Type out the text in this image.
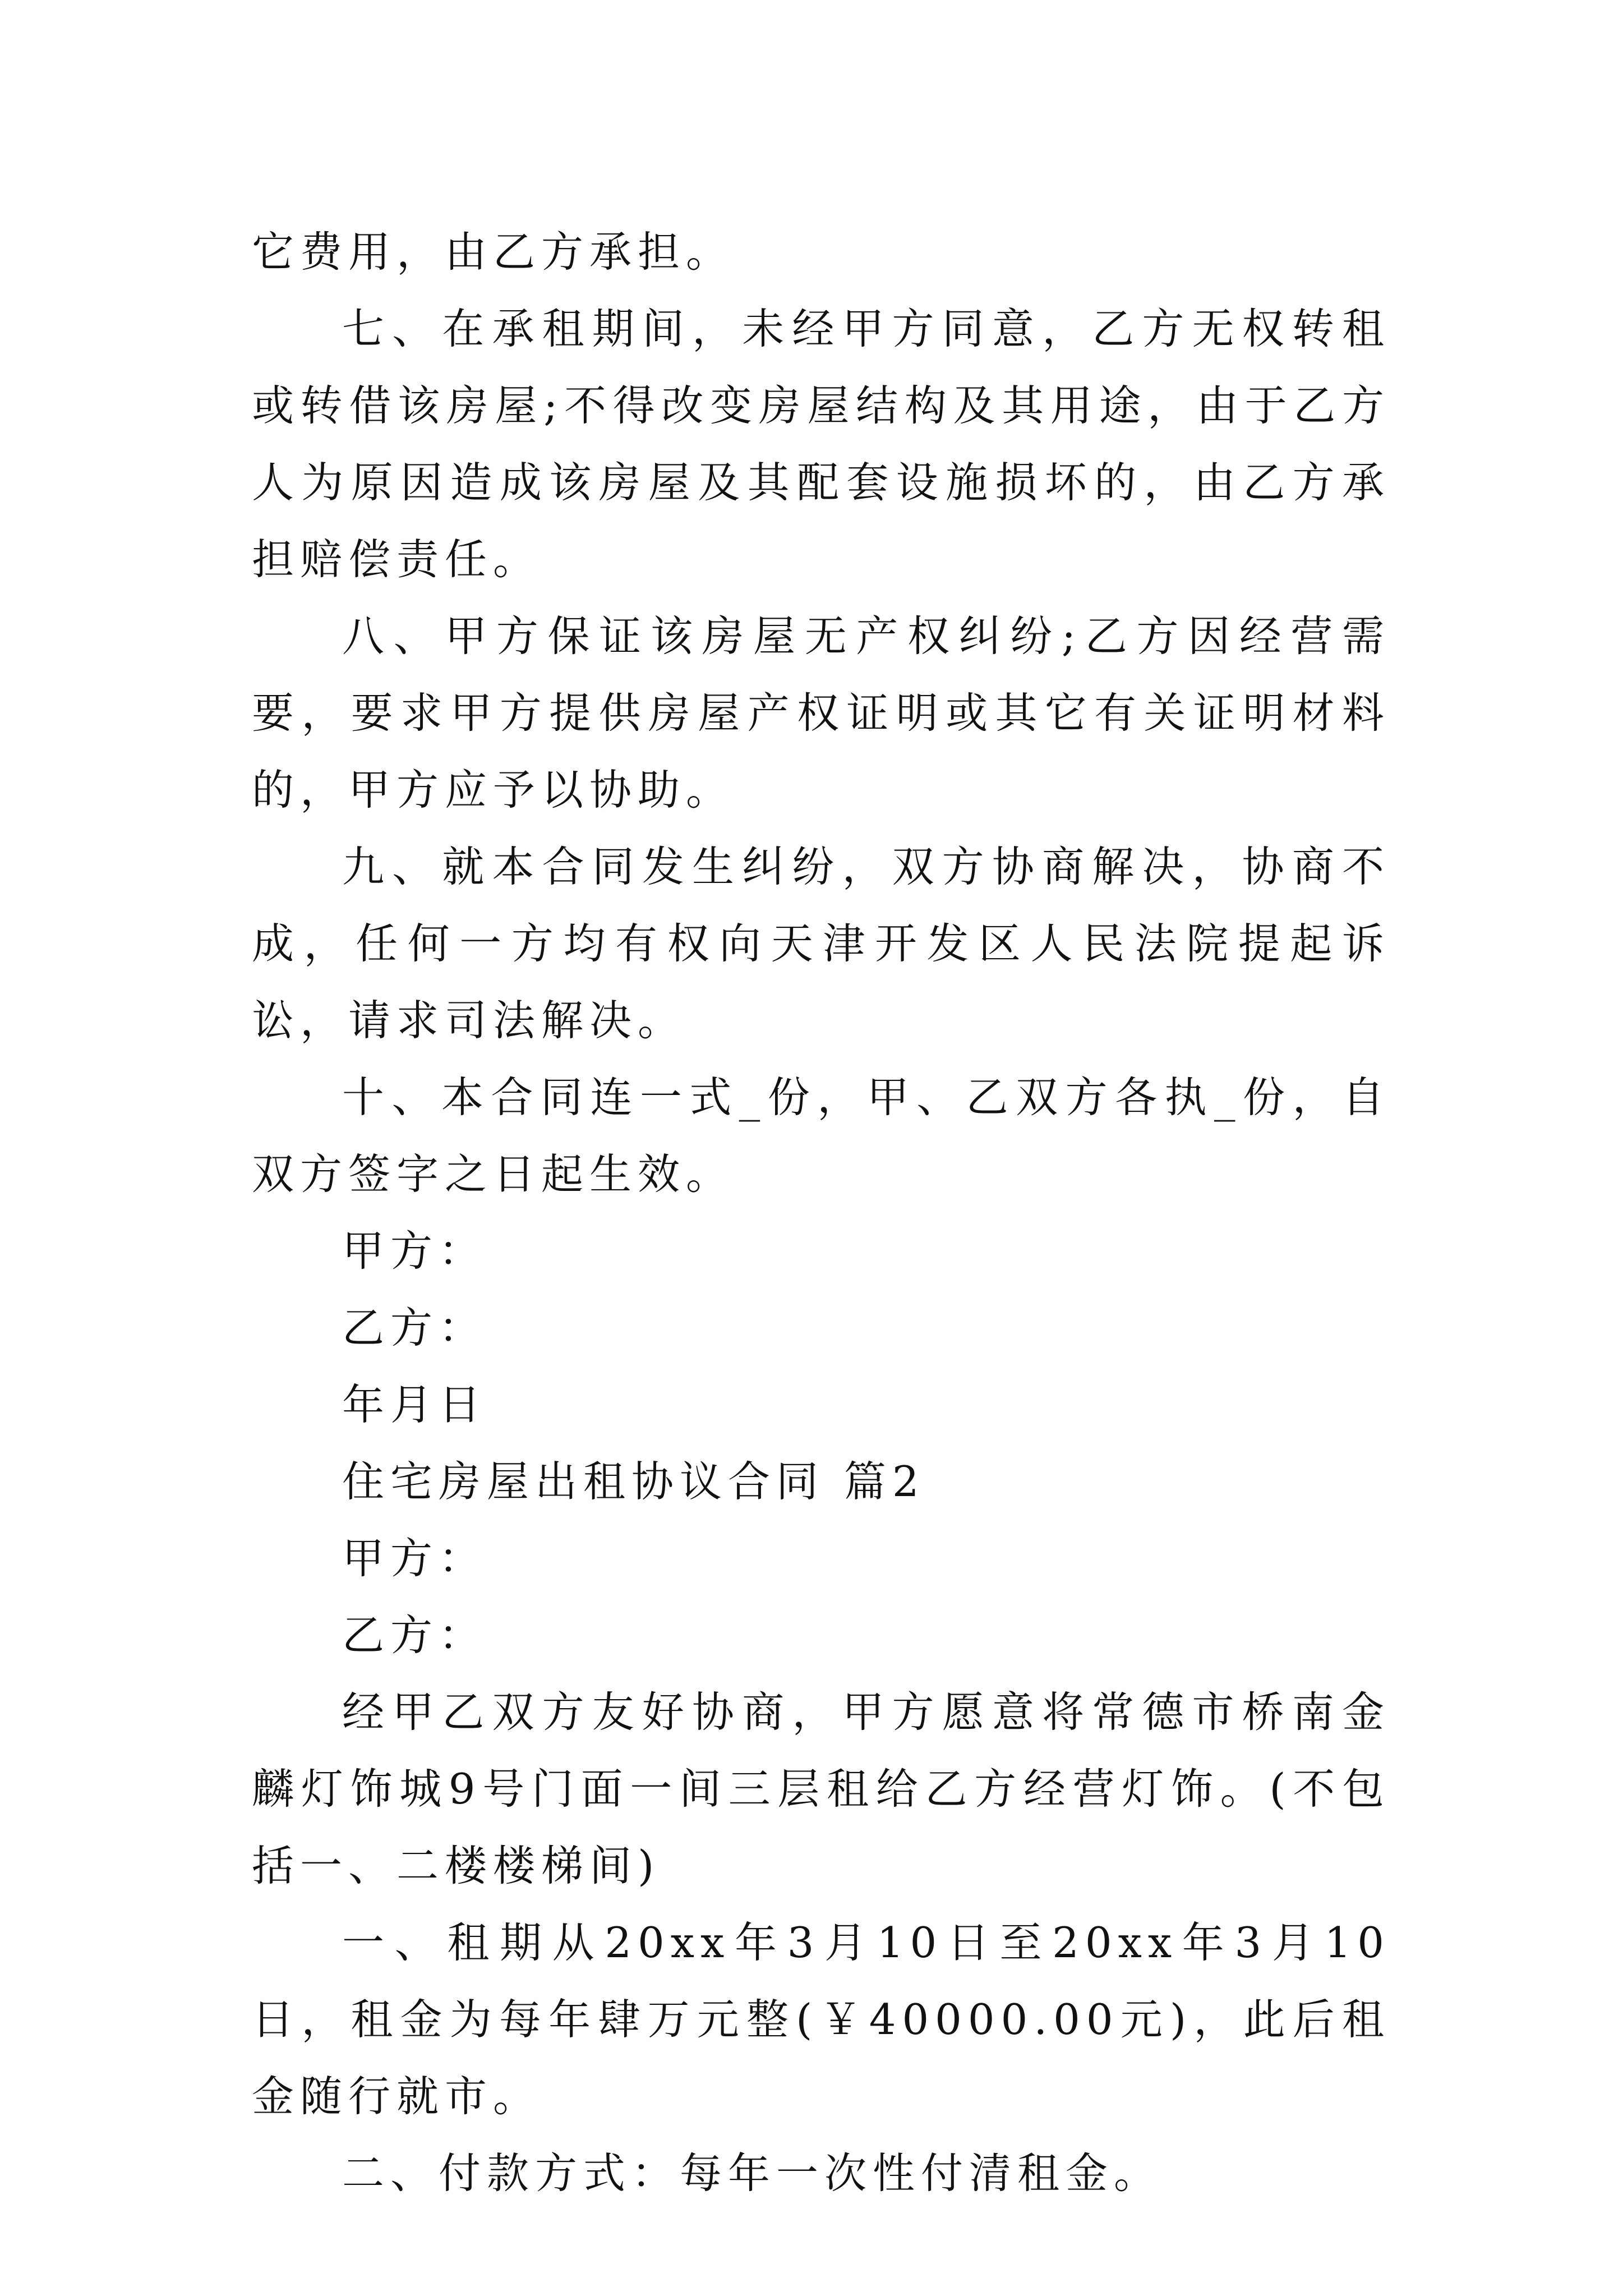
它费用，由乙方承担。

七、在承租期间，未经甲方同意，乙方无权转租或转借该房屋;不得改变房屋结构及其用途，由于乙方人为原因造成该房屋及其配套设施损坏的，由乙方承担赔偿责任。

八、甲方保证该房屋无产权纠纷;乙方因经营需要，要求甲方提供房屋产权证明或其它有关证明材料的，甲方应予以协助。

九、就本合同发生纠纷，双方协商解决，协商不成，任何一方均有权向天津开发区人民法院提起诉讼，请求司法解决。

十、本合同连一式_份，甲、乙双方各执_份，自双方签字之日起生效。

甲方：

乙方：

年月日

住宅房屋出租协议合同 篇2

甲方：

乙方：

经甲乙双方友好协商，甲方愿意将常德市桥南金麟灯饰城9号门面一间三层租给乙方经营灯饰。(不包括一、二楼楼梯间)

一、租期从20xx年3月10日至20xx年3月10日，租金为每年肆万元整(￥40000.00元)，此后租金随行就市。

二、付款方式：每年一次性付清租金。
